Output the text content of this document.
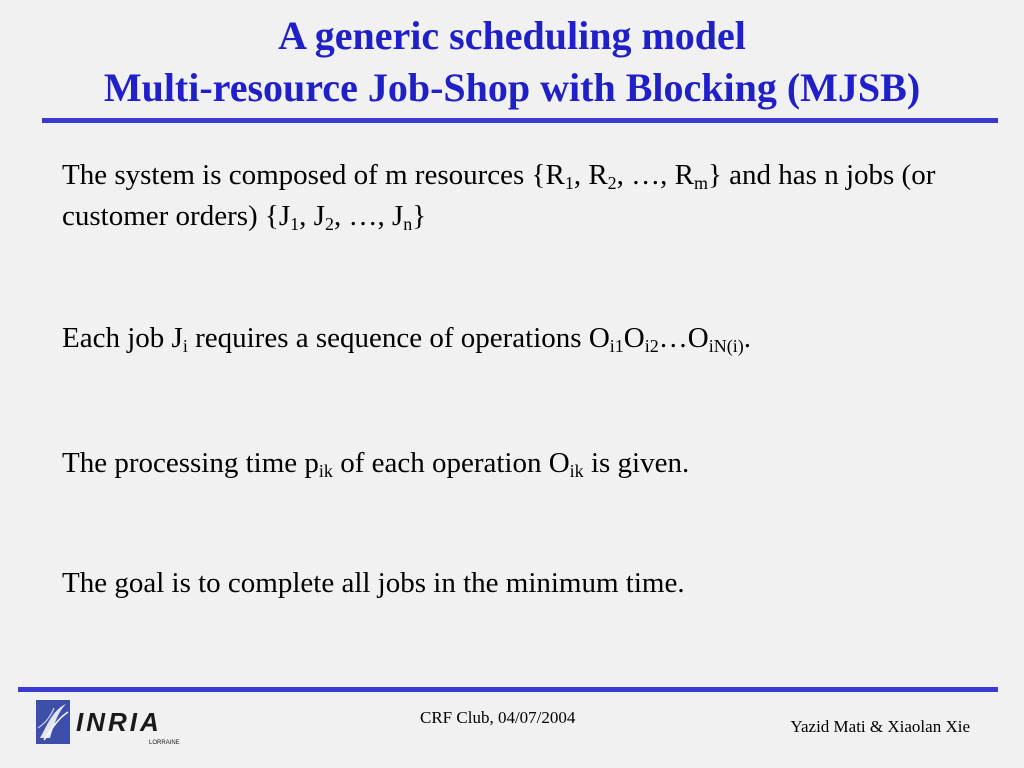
A generic scheduling model
Multi-resource Job-Shop with Blocking (MJSB)
The system is composed of m resources {$R_1$, $R_2$, …, $R_m$} and has n jobs (or customer orders) {$J_1$, $J_2$, …, $J_n$}
Each job $J_i$ requires a sequence of operations $O_{i1}O_{i2}\dots O_{iN(i)}$.
The processing time $p_{ik}$ of each operation $O_{ik}$ is given.
The goal is to complete all jobs in the minimum time.
INRIA
LORRAINE
CRF Club, 04/07/2004	Yazid Mati & Xiaolan Xie
